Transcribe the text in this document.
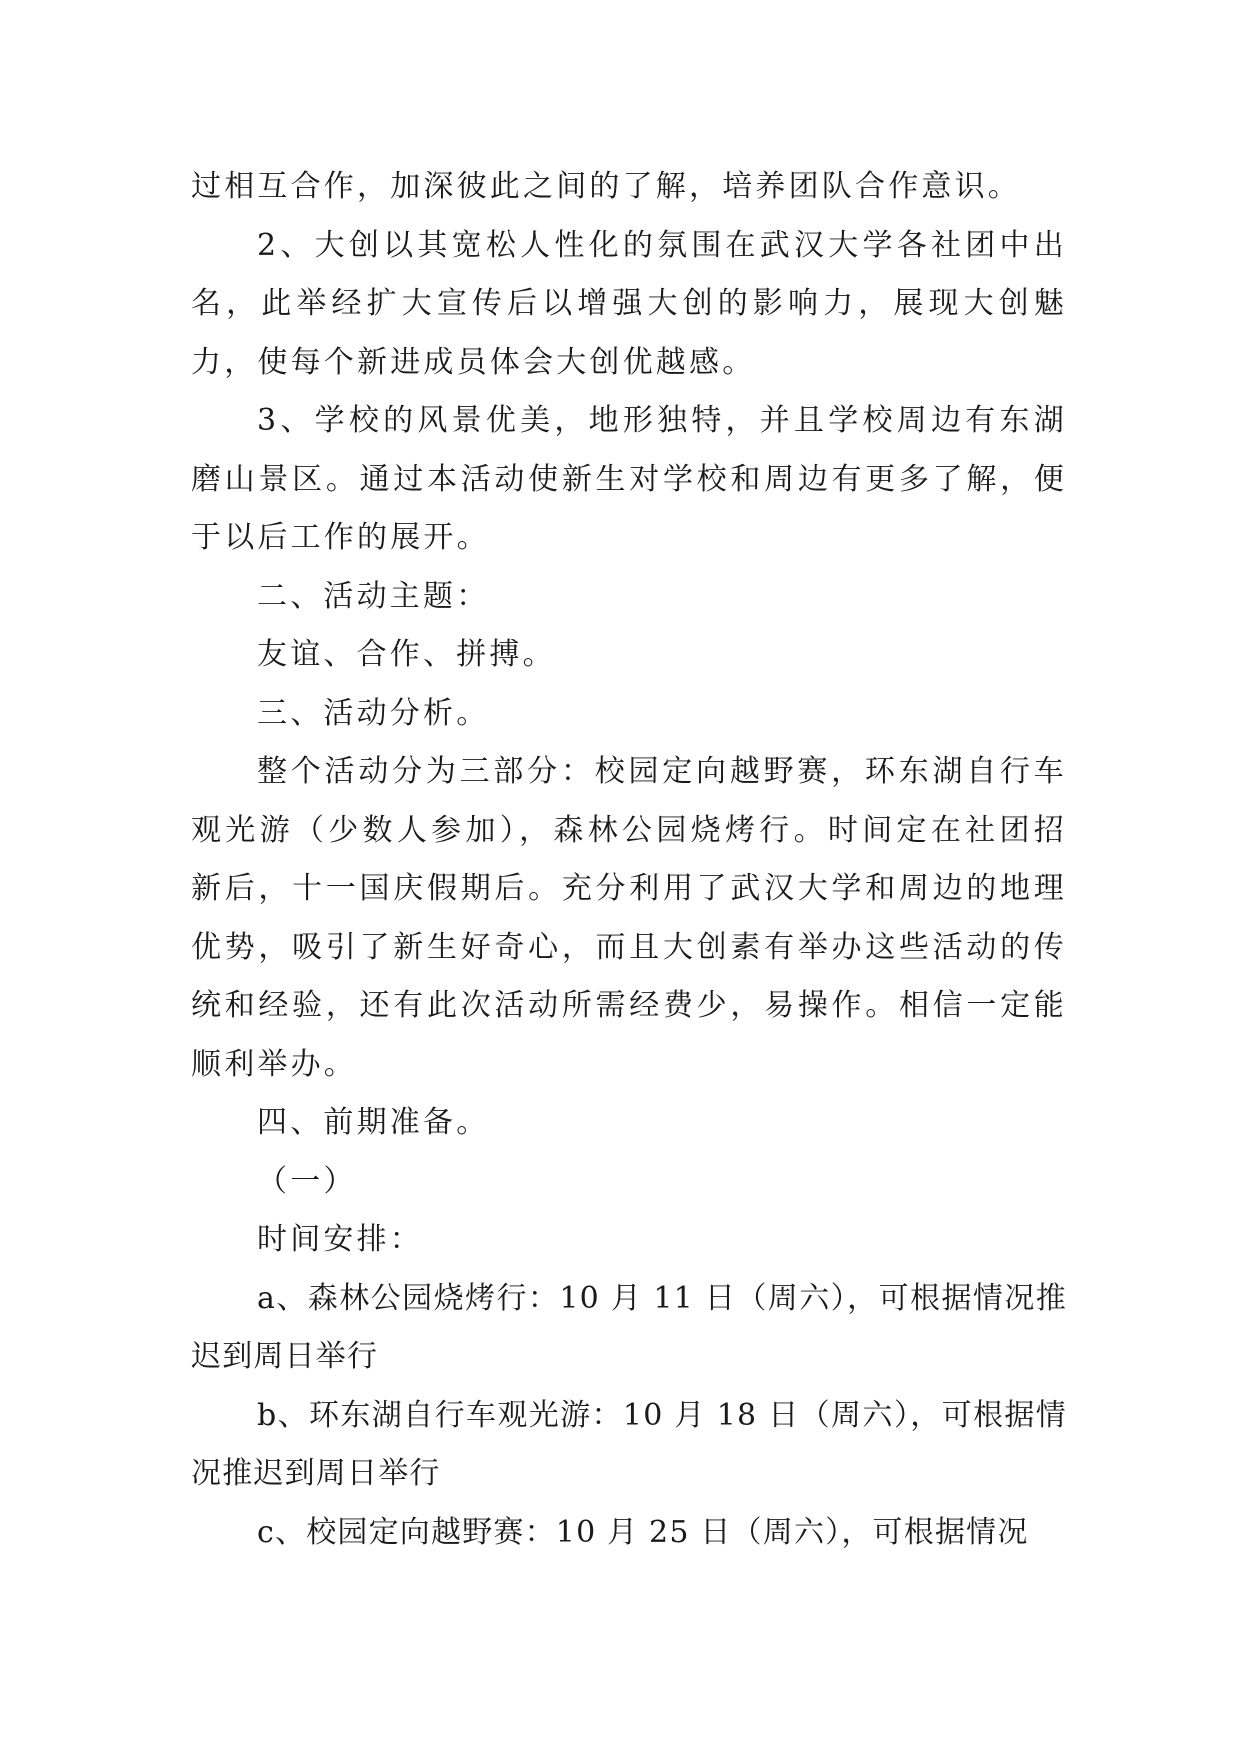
过相互合作，加深彼此之间的了解，培养团队合作意识。

2、大创以其宽松人性化的氛围在武汉大学各社团中出名，此举经扩大宣传后以增强大创的影响力，展现大创魅力，使每个新进成员体会大创优越感。

3、学校的风景优美，地形独特，并且学校周边有东湖磨山景区。通过本活动使新生对学校和周边有更多了解，便于以后工作的展开。

二、活动主题：

友谊、合作、拼搏。

三、活动分析。

整个活动分为三部分：校园定向越野赛，环东湖自行车观光游（少数人参加），森林公园烧烤行。时间定在社团招新后，十一国庆假期后。充分利用了武汉大学和周边的地理优势，吸引了新生好奇心，而且大创素有举办这些活动的传统和经验，还有此次活动所需经费少，易操作。相信一定能顺利举办。

四、前期准备。

（一）

时间安排：

a、森林公园烧烤行：10 月 11 日（周六），可根据情况推迟到周日举行

b、环东湖自行车观光游：10 月 18 日（周六），可根据情况推迟到周日举行

c、校园定向越野赛：10 月 25 日（周六），可根据情况
